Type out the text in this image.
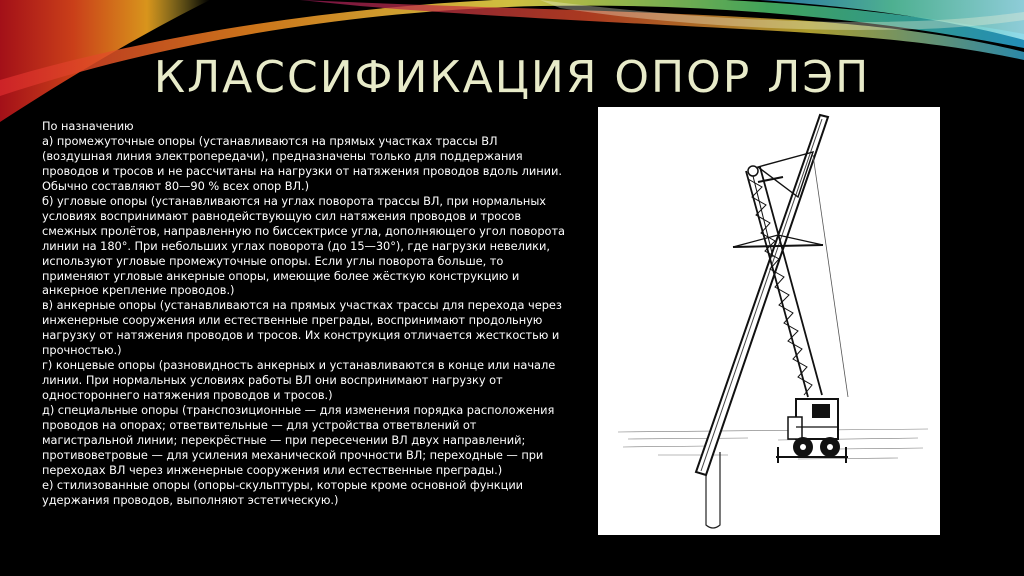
КЛАССИФИКАЦИЯ ОПОР ЛЭП

По назначению

а) промежуточные опоры (устанавливаются на прямых участках трассы ВЛ (воздушная линия электропередачи), предназначены только для поддержания проводов и тросов и не рассчитаны на нагрузки от натяжения проводов вдоль линии. Обычно составляют 80—90 % всех опор ВЛ.)

б) угловые опоры (устанавливаются на углах поворота трассы ВЛ, при нормальных условиях воспринимают равнодействующую сил натяжения проводов и тросов смежных пролётов, направленную по биссектрисе угла, дополняющего угол поворота линии на 180°. При небольших углах поворота (до 15—30°), где нагрузки невелики, используют угловые промежуточные опоры. Если углы поворота больше, то применяют угловые анкерные опоры, имеющие более жёсткую конструкцию и анкерное крепление проводов.)

в) анкерные опоры (устанавливаются на прямых участках трассы для перехода через инженерные сооружения или естественные преграды, воспринимают продольную нагрузку от натяжения проводов и тросов. Их конструкция отличается жесткостью и прочностью.)

г) концевые опоры (разновидность анкерных и устанавливаются в конце или начале линии. При нормальных условиях работы ВЛ они воспринимают нагрузку от одностороннего натяжения проводов и тросов.)

д) специальные опоры (транспозиционные — для изменения порядка расположения проводов на опорах; ответвительные — для устройства ответвлений от магистральной линии; перекрёстные — при пересечении ВЛ двух направлений; противоветровые — для усиления механической прочности ВЛ; переходные — при переходах ВЛ через инженерные сооружения или естественные преграды.)

е) стилизованные опоры (опоры-скульптуры, которые кроме основной функции удержания проводов, выполняют эстетическую.)
